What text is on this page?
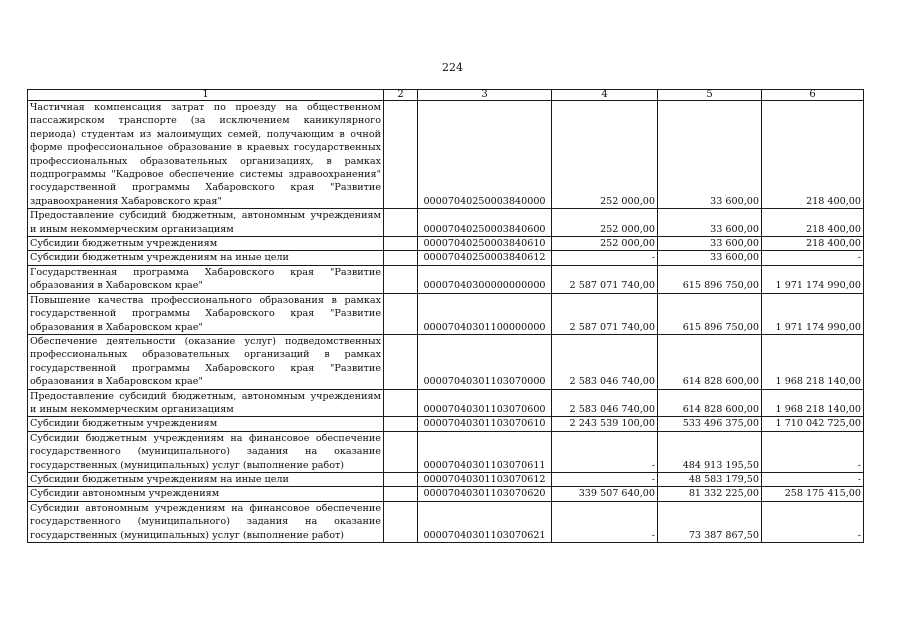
224
1	2	3	4	5	6
Частичная компенсация затрат по проезду на общественном пассажирском транспорте (за исключением каникулярного периода) студентам из малоимущих семей, получающим в очной форме профессиональное образование в краевых государственных профессиональных образовательных организациях, в рамках подпрограммы "Кадровое обеспечение системы здравоохранения" государственной программы Хабаровского края "Развитие здравоохранения Хабаровского края"		00007040250003840000	252 000,00	33 600,00	218 400,00
Предоставление субсидий бюджетным, автономным учреждениям и иным некоммерческим организациям		00007040250003840600	252 000,00	33 600,00	218 400,00
Субсидии бюджетным учреждениям		00007040250003840610	252 000,00	33 600,00	218 400,00
Субсидии бюджетным учреждениям на иные цели		00007040250003840612	-	33 600,00	-
Государственная программа Хабаровского края "Развитие образования в Хабаровском крае"		00007040300000000000	2 587 071 740,00	615 896 750,00	1 971 174 990,00
Повышение качества профессионального образования в рамках государственной программы Хабаровского края "Развитие образования в Хабаровском крае"		00007040301100000000	2 587 071 740,00	615 896 750,00	1 971 174 990,00
Обеспечение деятельности (оказание услуг) подведомственных профессиональных образовательных организаций в рамках государственной программы Хабаровского края "Развитие образования в Хабаровском крае"		00007040301103070000	2 583 046 740,00	614 828 600,00	1 968 218 140,00
Предоставление субсидий бюджетным, автономным учреждениям и иным некоммерческим организациям		00007040301103070600	2 583 046 740,00	614 828 600,00	1 968 218 140,00
Субсидии бюджетным учреждениям		00007040301103070610	2 243 539 100,00	533 496 375,00	1 710 042 725,00
Субсидии бюджетным учреждениям на финансовое обеспечение государственного (муниципального) задания на оказание государственных (муниципальных) услуг (выполнение работ)		00007040301103070611	-	484 913 195,50	-
Субсидии бюджетным учреждениям на иные цели		00007040301103070612	-	48 583 179,50	-
Субсидии автономным учреждениям		00007040301103070620	339 507 640,00	81 332 225,00	258 175 415,00
Субсидии автономным учреждениям на финансовое обеспечение государственного (муниципального) задания на оказание государственных (муниципальных) услуг (выполнение работ)		00007040301103070621	-	73 387 867,50	-
